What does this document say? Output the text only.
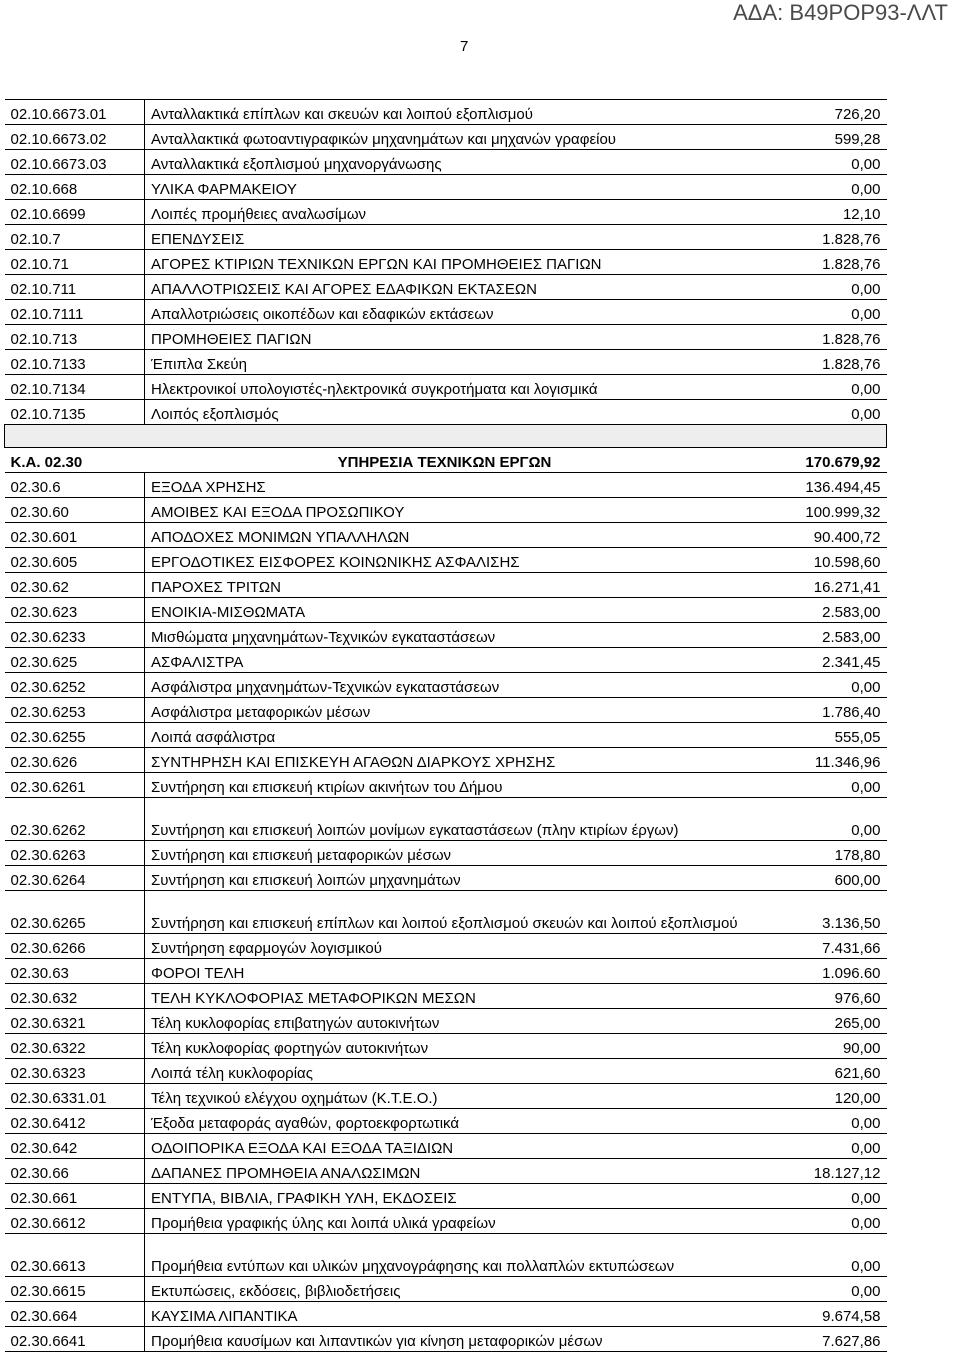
ΑΔΑ: Β49ΡΟΡ93-ΛΛΤ
7
02.10.6673.01	Ανταλλακτικά επίπλων και σκευών και λοιπού εξοπλισμού	726,20
02.10.6673.02	Ανταλλακτικά φωτοαντιγραφικών μηχανημάτων και μηχανών γραφείου	599,28
02.10.6673.03	Ανταλλακτικά εξοπλισμού μηχανοργάνωσης	0,00
02.10.668	ΥΛΙΚΑ ΦΑΡΜΑΚΕΙΟΥ	0,00
02.10.6699	Λοιπές προμήθειες αναλωσίμων	12,10
02.10.7	ΕΠΕΝΔΥΣΕΙΣ	1.828,76
02.10.71	ΑΓΟΡΕΣ ΚΤΙΡΙΩΝ ΤΕΧΝΙΚΩΝ ΕΡΓΩΝ ΚΑΙ ΠΡΟΜΗΘΕΙΕΣ ΠΑΓΙΩΝ	1.828,76
02.10.711	ΑΠΑΛΛΟΤΡΙΩΣΕΙΣ ΚΑΙ ΑΓΟΡΕΣ ΕΔΑΦΙΚΩΝ ΕΚΤΑΣΕΩΝ	0,00
02.10.7111	Απαλλοτριώσεις οικοπέδων και εδαφικών εκτάσεων	0,00
02.10.713	ΠΡΟΜΗΘΕΙΕΣ ΠΑΓΙΩΝ	1.828,76
02.10.7133	Έπιπλα Σκεύη	1.828,76
02.10.7134	Ηλεκτρονικοί υπολογιστές-ηλεκτρονικά συγκροτήματα και λογισμικά	0,00
02.10.7135	Λοιπός εξοπλισμός	0,00

Κ.Α. 02.30	ΥΠΗΡΕΣΙΑ ΤΕΧΝΙΚΩΝ ΕΡΓΩΝ	170.679,92
02.30.6	ΕΞΟΔΑ ΧΡΗΣΗΣ	136.494,45
02.30.60	ΑΜΟΙΒΕΣ ΚΑΙ ΕΞΟΔΑ ΠΡΟΣΩΠΙΚΟΥ	100.999,32
02.30.601	ΑΠΟΔΟΧΕΣ ΜΟΝΙΜΩΝ ΥΠΑΛΛΗΛΩΝ	90.400,72
02.30.605	ΕΡΓΟΔΟΤΙΚΕΣ ΕΙΣΦΟΡΕΣ ΚΟΙΝΩΝΙΚΗΣ ΑΣΦΑΛΙΣΗΣ	10.598,60
02.30.62	ΠΑΡΟΧΕΣ ΤΡΙΤΩΝ	16.271,41
02.30.623	ΕΝΟΙΚΙΑ-ΜΙΣΘΩΜΑΤΑ	2.583,00
02.30.6233	Μισθώματα μηχανημάτων-Τεχνικών εγκαταστάσεων	2.583,00
02.30.625	ΑΣΦΑΛΙΣΤΡΑ	2.341,45
02.30.6252	Ασφάλιστρα μηχανημάτων-Τεχνικών εγκαταστάσεων	0,00
02.30.6253	Ασφάλιστρα μεταφορικών μέσων	1.786,40
02.30.6255	Λοιπά ασφάλιστρα	555,05
02.30.626	ΣΥΝΤΗΡΗΣΗ ΚΑΙ ΕΠΙΣΚΕΥΗ ΑΓΑΘΩΝ ΔΙΑΡΚΟΥΣ ΧΡΗΣΗΣ	11.346,96
02.30.6261	Συντήρηση και επισκευή κτιρίων ακινήτων του Δήμου	0,00
02.30.6262	Συντήρηση και επισκευή λοιπών μονίμων εγκαταστάσεων (πλην κτιρίων έργων)	0,00
02.30.6263	Συντήρηση και επισκευή μεταφορικών μέσων	178,80
02.30.6264	Συντήρηση και επισκευή λοιπών μηχανημάτων	600,00
02.30.6265	Συντήρηση και επισκευή επίπλων και λοιπού εξοπλισμού σκευών και λοιπού εξοπλισμού	3.136,50
02.30.6266	Συντήρηση εφαρμογών λογισμικού	7.431,66
02.30.63	ΦΟΡΟΙ ΤΕΛΗ	1.096.60
02.30.632	ΤΕΛΗ ΚΥΚΛΟΦΟΡΙΑΣ ΜΕΤΑΦΟΡΙΚΩΝ ΜΕΣΩΝ	976,60
02.30.6321	Τέλη κυκλοφορίας επιβατηγών αυτοκινήτων	265,00
02.30.6322	Τέλη κυκλοφορίας φορτηγών αυτοκινήτων	90,00
02.30.6323	Λοιπά τέλη κυκλοφορίας	621,60
02.30.6331.01	Τέλη τεχνικού ελέγχου οχημάτων (Κ.Τ.Ε.Ο.)	120,00
02.30.6412	Έξοδα μεταφοράς αγαθών, φορτοεκφορτωτικά	0,00
02.30.642	ΟΔΟΙΠΟΡΙΚΑ ΕΞΟΔΑ ΚΑΙ ΕΞΟΔΑ ΤΑΞΙΔΙΩΝ	0,00
02.30.66	ΔΑΠΑΝΕΣ ΠΡΟΜΗΘΕΙΑ ΑΝΑΛΩΣΙΜΩΝ	18.127,12
02.30.661	ΕΝΤΥΠΑ, ΒΙΒΛΙΑ, ΓΡΑΦΙΚΗ ΥΛΗ, ΕΚΔΟΣΕΙΣ	0,00
02.30.6612	Προμήθεια γραφικής ύλης και λοιπά υλικά γραφείων	0,00
02.30.6613	Προμήθεια εντύπων και υλικών μηχανογράφησης και πολλαπλών εκτυπώσεων	0,00
02.30.6615	Εκτυπώσεις, εκδόσεις, βιβλιοδετήσεις	0,00
02.30.664	ΚΑΥΣΙΜΑ ΛΙΠΑΝΤΙΚΑ	9.674,58
02.30.6641	Προμήθεια καυσίμων και λιπαντικών για κίνηση μεταφορικών μέσων	7.627,86
